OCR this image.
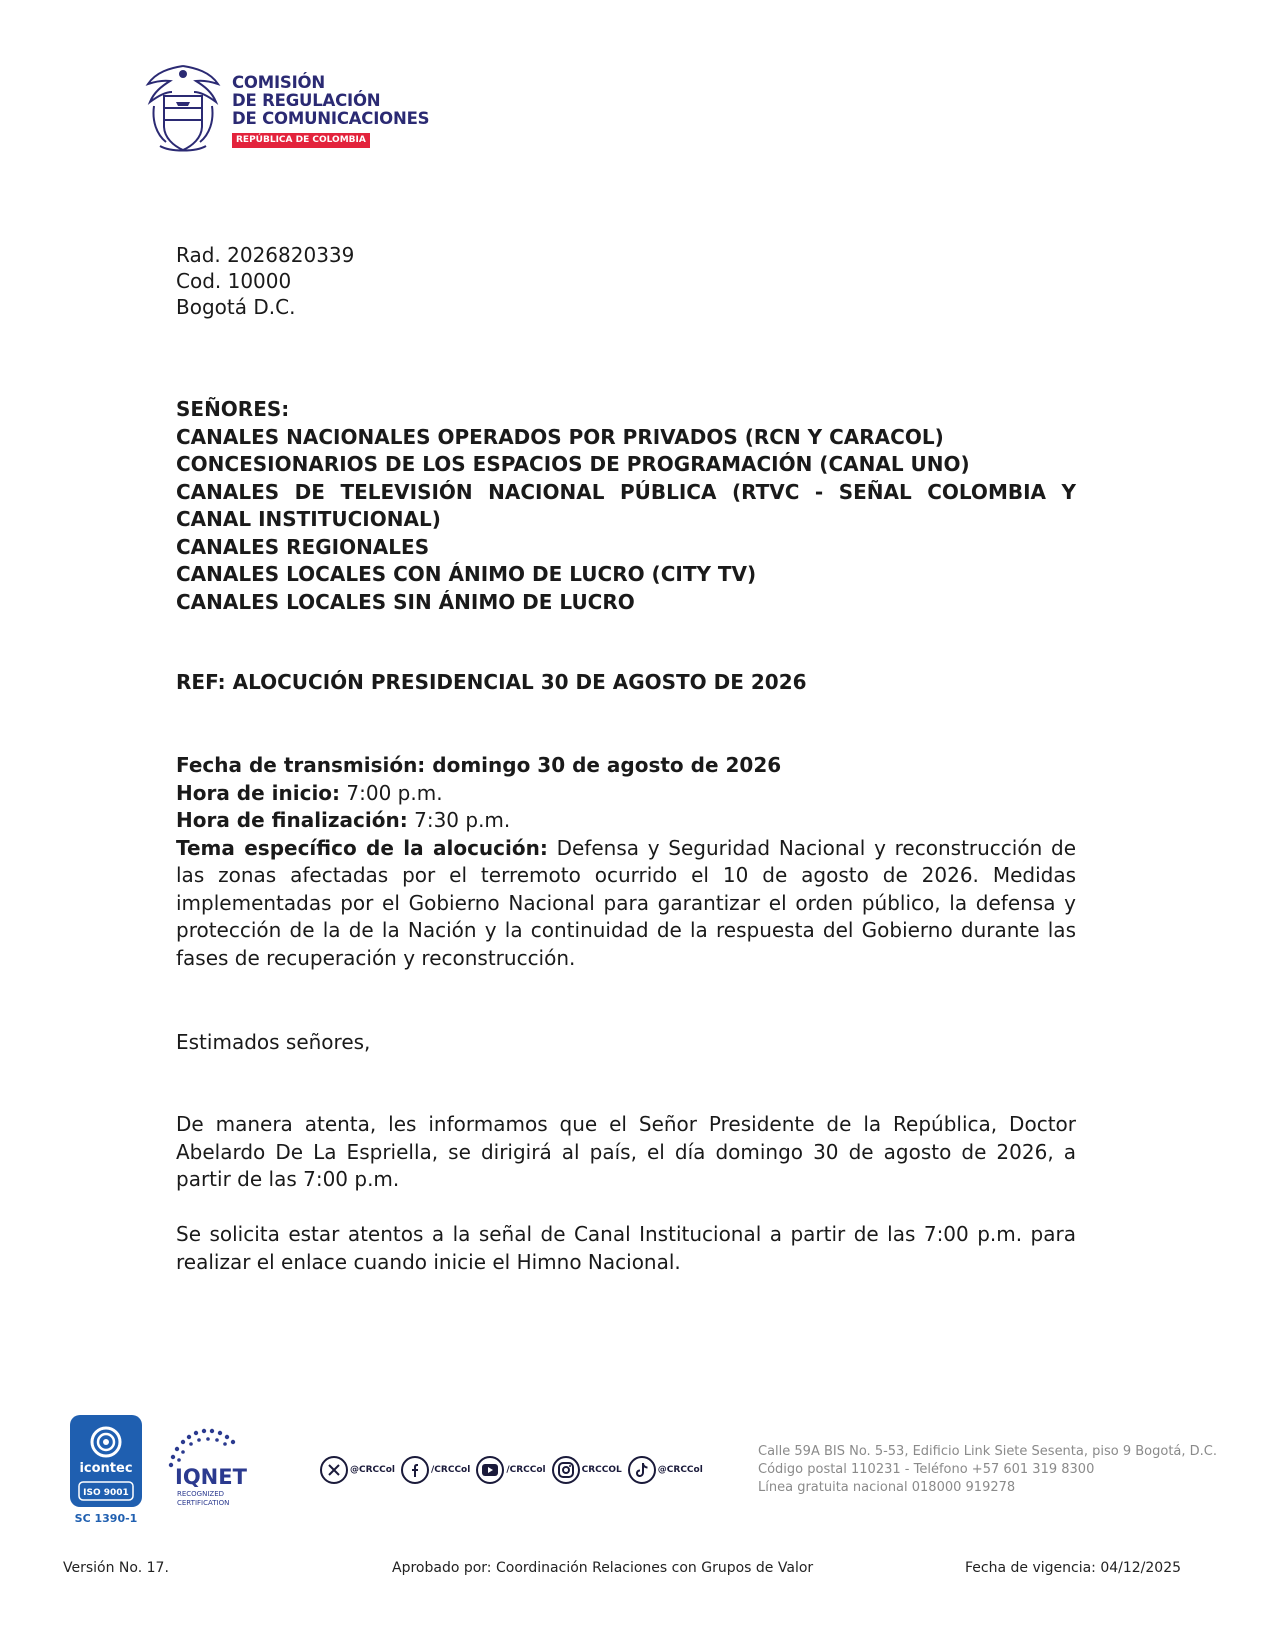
COMISIÓN
DE REGULACIÓN
DE COMUNICACIONES
REPÚBLICA DE COLOMBIA
Rad. 2026820339
Cod. 10000
Bogotá D.C.
SEÑORES:
CANALES NACIONALES OPERADOS POR PRIVADOS (RCN Y CARACOL)
CONCESIONARIOS DE LOS ESPACIOS DE PROGRAMACIÓN (CANAL UNO)
CANALES DE TELEVISIÓN NACIONAL PÚBLICA (RTVC - SEÑAL COLOMBIA Y CANAL INSTITUCIONAL)
CANALES REGIONALES
CANALES LOCALES CON ÁNIMO DE LUCRO (CITY TV)
CANALES LOCALES SIN ÁNIMO DE LUCRO
REF: ALOCUCIÓN PRESIDENCIAL 30 DE AGOSTO DE 2026
Fecha de transmisión: domingo 30 de agosto de 2026
Hora de inicio: 7:00 p.m.
Hora de finalización: 7:30 p.m.
Tema específico de la alocución: Defensa y Seguridad Nacional y reconstrucción de las zonas afectadas por el terremoto ocurrido el 10 de agosto de 2026. Medidas implementadas por el Gobierno Nacional para garantizar el orden público, la defensa y protección de la de la Nación y la continuidad de la respuesta del Gobierno durante las fases de recuperación y reconstrucción.
Estimados señores,
De manera atenta, les informamos que el Señor Presidente de la República, Doctor Abelardo De La Espriella, se dirigirá al país, el día domingo 30 de agosto de 2026, a partir de las 7:00 p.m.
Se solicita estar atentos a la señal de Canal Institucional a partir de las 7:00 p.m. para realizar el enlace cuando inicie el Himno Nacional.
icontec
ISO 9001
SC 1390-1
IQNET
RECOGNIZED
CERTIFICATION
@CRCCol	/CRCCol	/CRCCol	CRCCOL	@CRCCol
Calle 59A BIS No. 5-53, Edificio Link Siete Sesenta, piso 9 Bogotá, D.C.
Código postal 110231 - Teléfono +57 601 319 8300
Línea gratuita nacional 018000 919278
Versión No. 17.	Aprobado por: Coordinación Relaciones con Grupos de Valor	Fecha de vigencia: 04/12/2025
